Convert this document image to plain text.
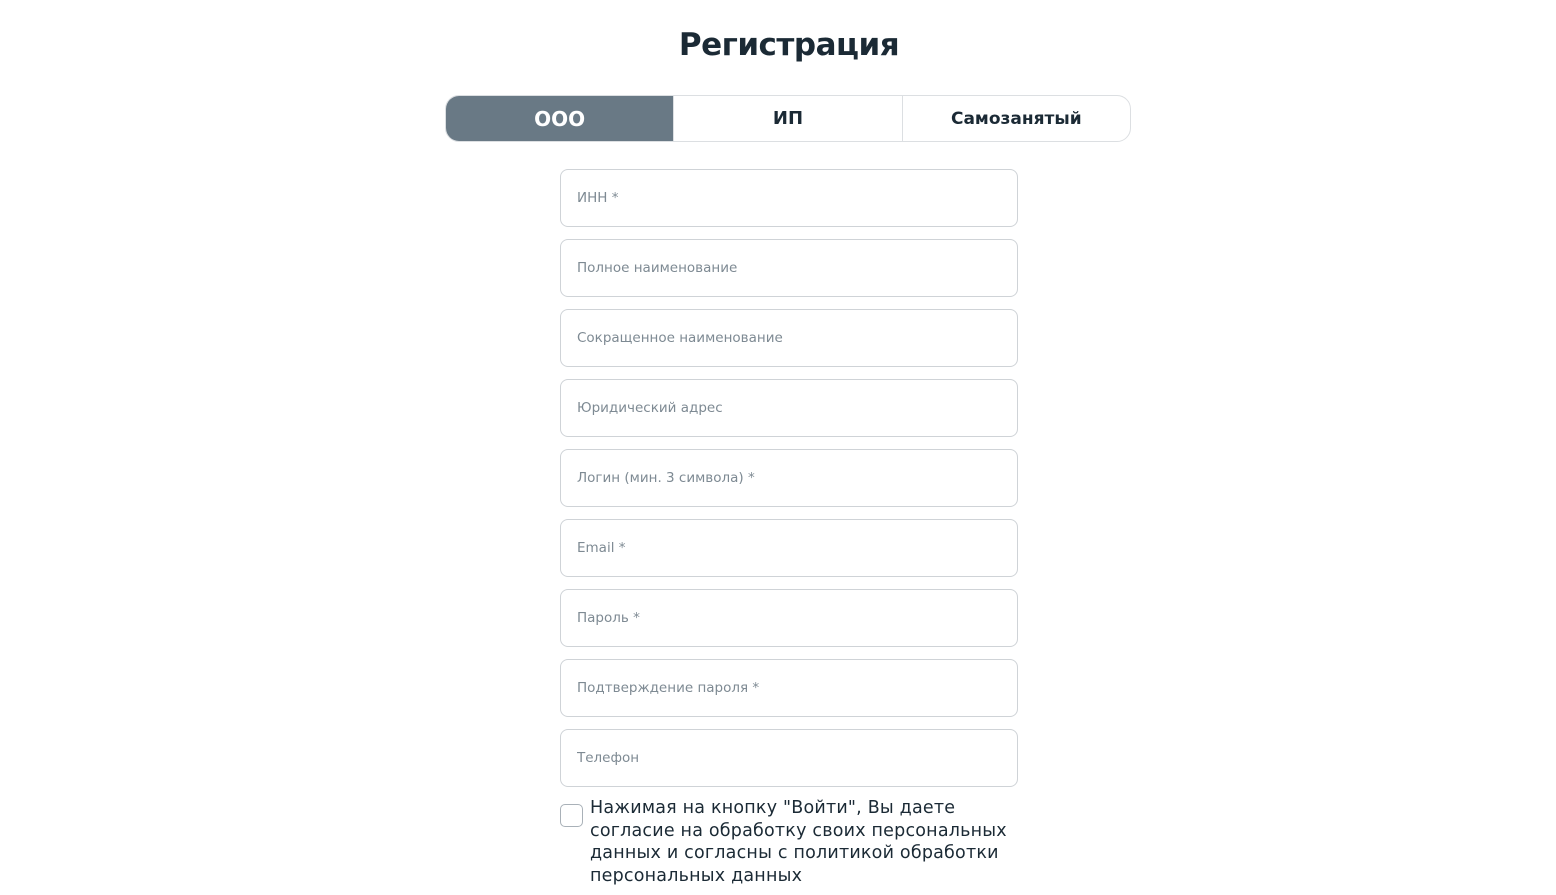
Регистрация
ООО	ИП	Самозанятый
ИНН *
Полное наименование
Сокращенное наименование
Юридический адрес
Логин (мин. 3 символа) *
Email *
Телефон
Нажимая на кнопку "Войти", Вы даете согласие на обработку своих персональных данных и согласны с политикой обработки персональных данных
